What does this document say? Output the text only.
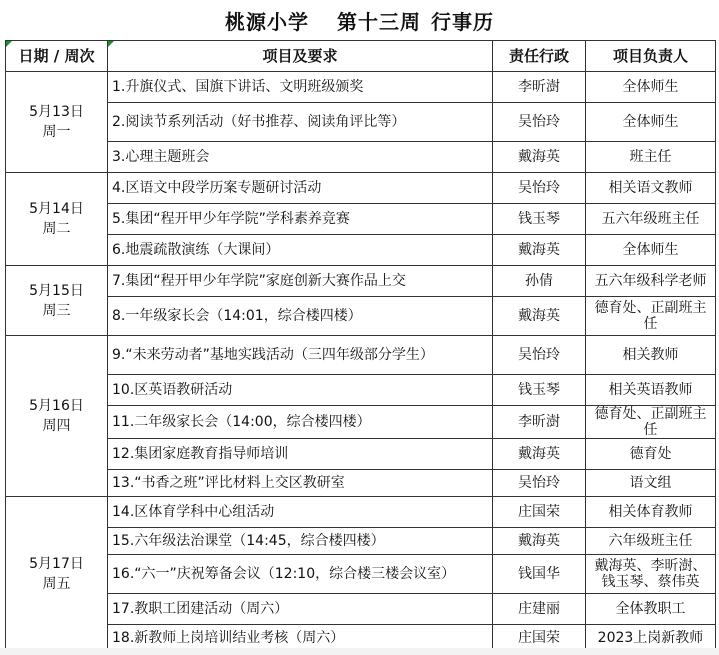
桃源小学 第十三周 行事历
日期 / 周次	项目及要求	责任行政	项目负责人
5月13日
周一	1.升旗仪式、国旗下讲话、文明班级颁奖	李昕澍	全体师生
	2.阅读节系列活动（好书推荐、阅读角评比等）	吴怡玲	全体师生
	3.心理主题班会	戴海英	班主任
5月14日
周二	4.区语文中段学历案专题研讨活动	吴怡玲	相关语文教师
	5.集团“程开甲少年学院”学科素养竞赛	钱玉琴	五六年级班主任
	6.地震疏散演练（大课间）	戴海英	全体师生
5月15日
周三	7.集团“程开甲少年学院”家庭创新大赛作品上交	孙倩	五六年级科学老师
	8.一年级家长会（14:01，综合楼四楼）	戴海英	德育处、正副班主任
5月16日
周四	9.“未来劳动者”基地实践活动（三四年级部分学生）	吴怡玲	相关教师
	10.区英语教研活动	钱玉琴	相关英语教师
	11.二年级家长会（14:00，综合楼四楼）	李昕澍	德育处、正副班主任
	12.集团家庭教育指导师培训	戴海英	德育处
	13.“书香之班”评比材料上交区教研室	吴怡玲	语文组
5月17日
周五	14.区体育学科中心组活动	庄国荣	相关体育教师
	15.六年级法治课堂（14:45，综合楼四楼）	戴海英	六年级班主任
	16.“六一”庆祝筹备会议（12:10，综合楼三楼会议室）	钱国华	戴海英、李昕澍、钱玉琴、蔡伟英
	17.教职工团建活动（周六）	庄建丽	全体教职工
	18.新教师上岗培训结业考核（周六）	庄国荣	2023上岗新教师
